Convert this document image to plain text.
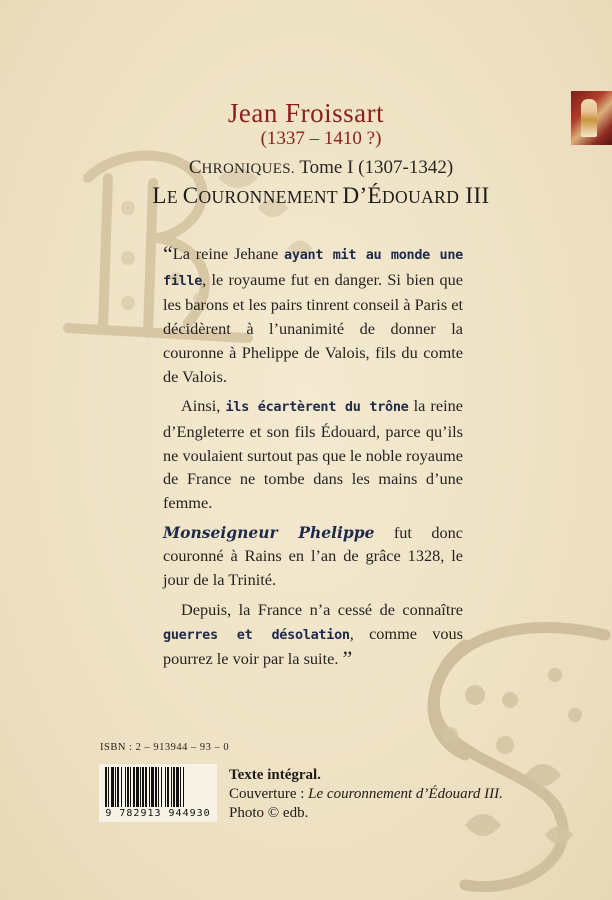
Jean Froissart
(1337 – 1410 ?)
CHRONIQUES. Tome I (1307-1342)
LE COURONNEMENT D’ÉDOUARD III

“La reine Jehane ayant mit au monde une fille, le royaume fut en danger. Si bien que les barons et les pairs tinrent conseil à Paris et décidèrent à l’unanimité de donner la couronne à Phelippe de Valois, fils du comte de Valois.

Ainsi, ils écartèrent du trône la reine d’Engleterre et son fils Édouard, parce qu’ils ne voulaient surtout pas que le noble royaume de France ne tombe dans les mains d’une femme.

Monseigneur Phelippe fut donc couronné à Rains en l’an de grâce 1328, le jour de la Trinité.

Depuis, la France n’a cessé de connaître guerres et désolation, comme vous pourrez le voir par la suite. ”

ISBN : 2 – 913944 – 93 – 0
9 782913 944930
Texte intégral.
Couverture : Le couronnement d’Édouard III.
Photo © edb.
